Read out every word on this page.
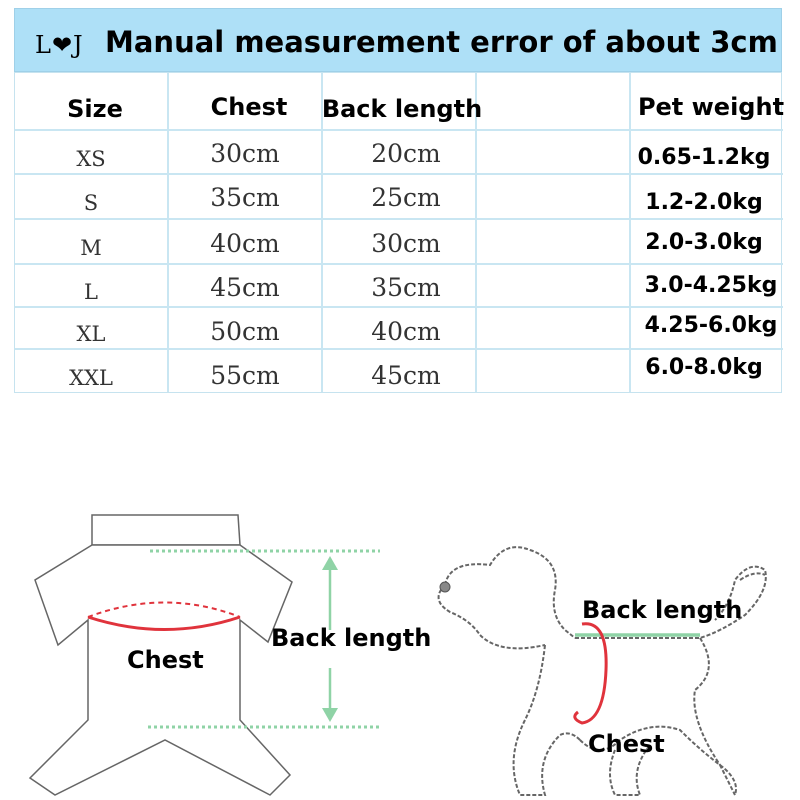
L❤J Manual measurement error of about 3cm
Size	Chest	Back length	Pet weight
XS	30cm	20cm	0.65-1.2kg
S	35cm	25cm	1.2-2.0kg
M	40cm	30cm	2.0-3.0kg
L	45cm	35cm	3.0-4.25kg
XL	50cm	40cm	4.25-6.0kg
XXL	55cm	45cm	6.0-8.0kg
Chest
Back length
Back length
Chest
